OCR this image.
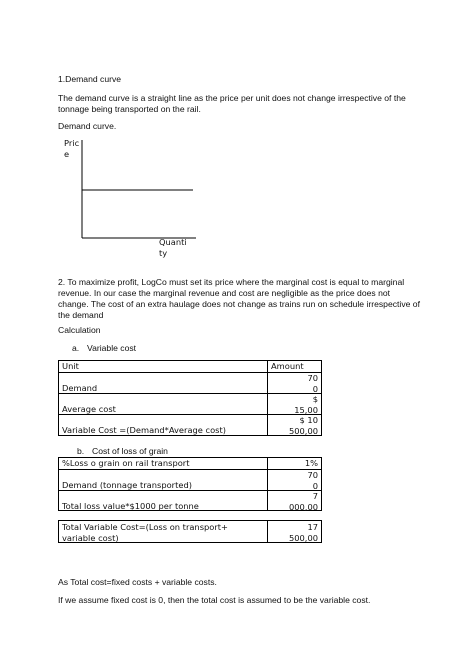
1.Demand curve
The demand curve is a straight line as the price per unit does not change irrespective of the
tonnage being transported on the rail.
Demand curve.
Pric
e
Quanti
ty
2. To maximize profit, LogCo must set its price where the marginal cost is equal to marginal
revenue. In our case the marginal revenue and cost are negligible as the price does not
change. The cost of an extra haulage does not change as trains run on schedule irrespective of
the demand
Calculation
a. Variable cost
Unit	Amount
Demand
70
0
Average cost
$
15,00
Variable Cost =(Demand*Average cost)
$ 10
500,00
b. Cost of loss of grain
%Loss o grain on rail transport	1%
Demand (tonnage transported)
70
0
Total loss value*$1000 per tonne
7
000,00
Total Variable Cost=(Loss on transport+
variable cost)
17
500,00
As Total cost=fixed costs + variable costs.
If we assume fixed cost is 0, then the total cost is assumed to be the variable cost.
